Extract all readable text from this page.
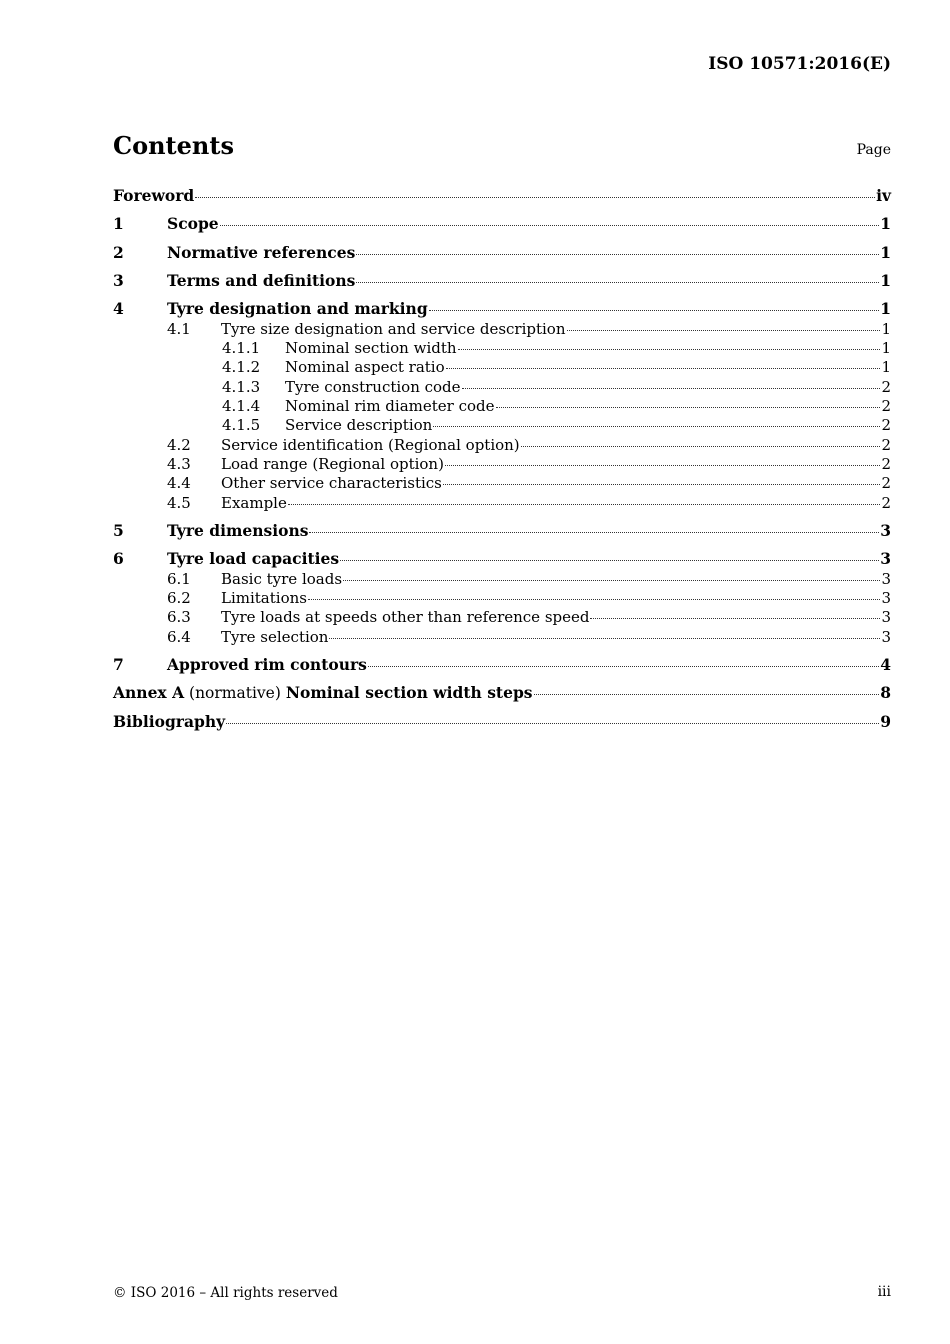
ISO 10571:2016(E)
Contents	Page
Foreword	iv
1	Scope	1
2	Normative references	1
3	Terms and definitions	1
4	Tyre designation and marking	1
4.1	Tyre size designation and service description	1
4.1.1	Nominal section width	1
4.1.2	Nominal aspect ratio	1
4.1.3	Tyre construction code	2
4.1.4	Nominal rim diameter code	2
4.1.5	Service description	2
4.2	Service identification (Regional option)	2
4.3	Load range (Regional option)	2
4.4	Other service characteristics	2
4.5	Example	2
5	Tyre dimensions	3
6	Tyre load capacities	3
6.1	Basic tyre loads	3
6.2	Limitations	3
6.3	Tyre loads at speeds other than reference speed	3
6.4	Tyre selection	3
7	Approved rim contours	4
Annex A (normative) Nominal section width steps	8
Bibliography	9
© ISO 2016 – All rights reserved	iii
